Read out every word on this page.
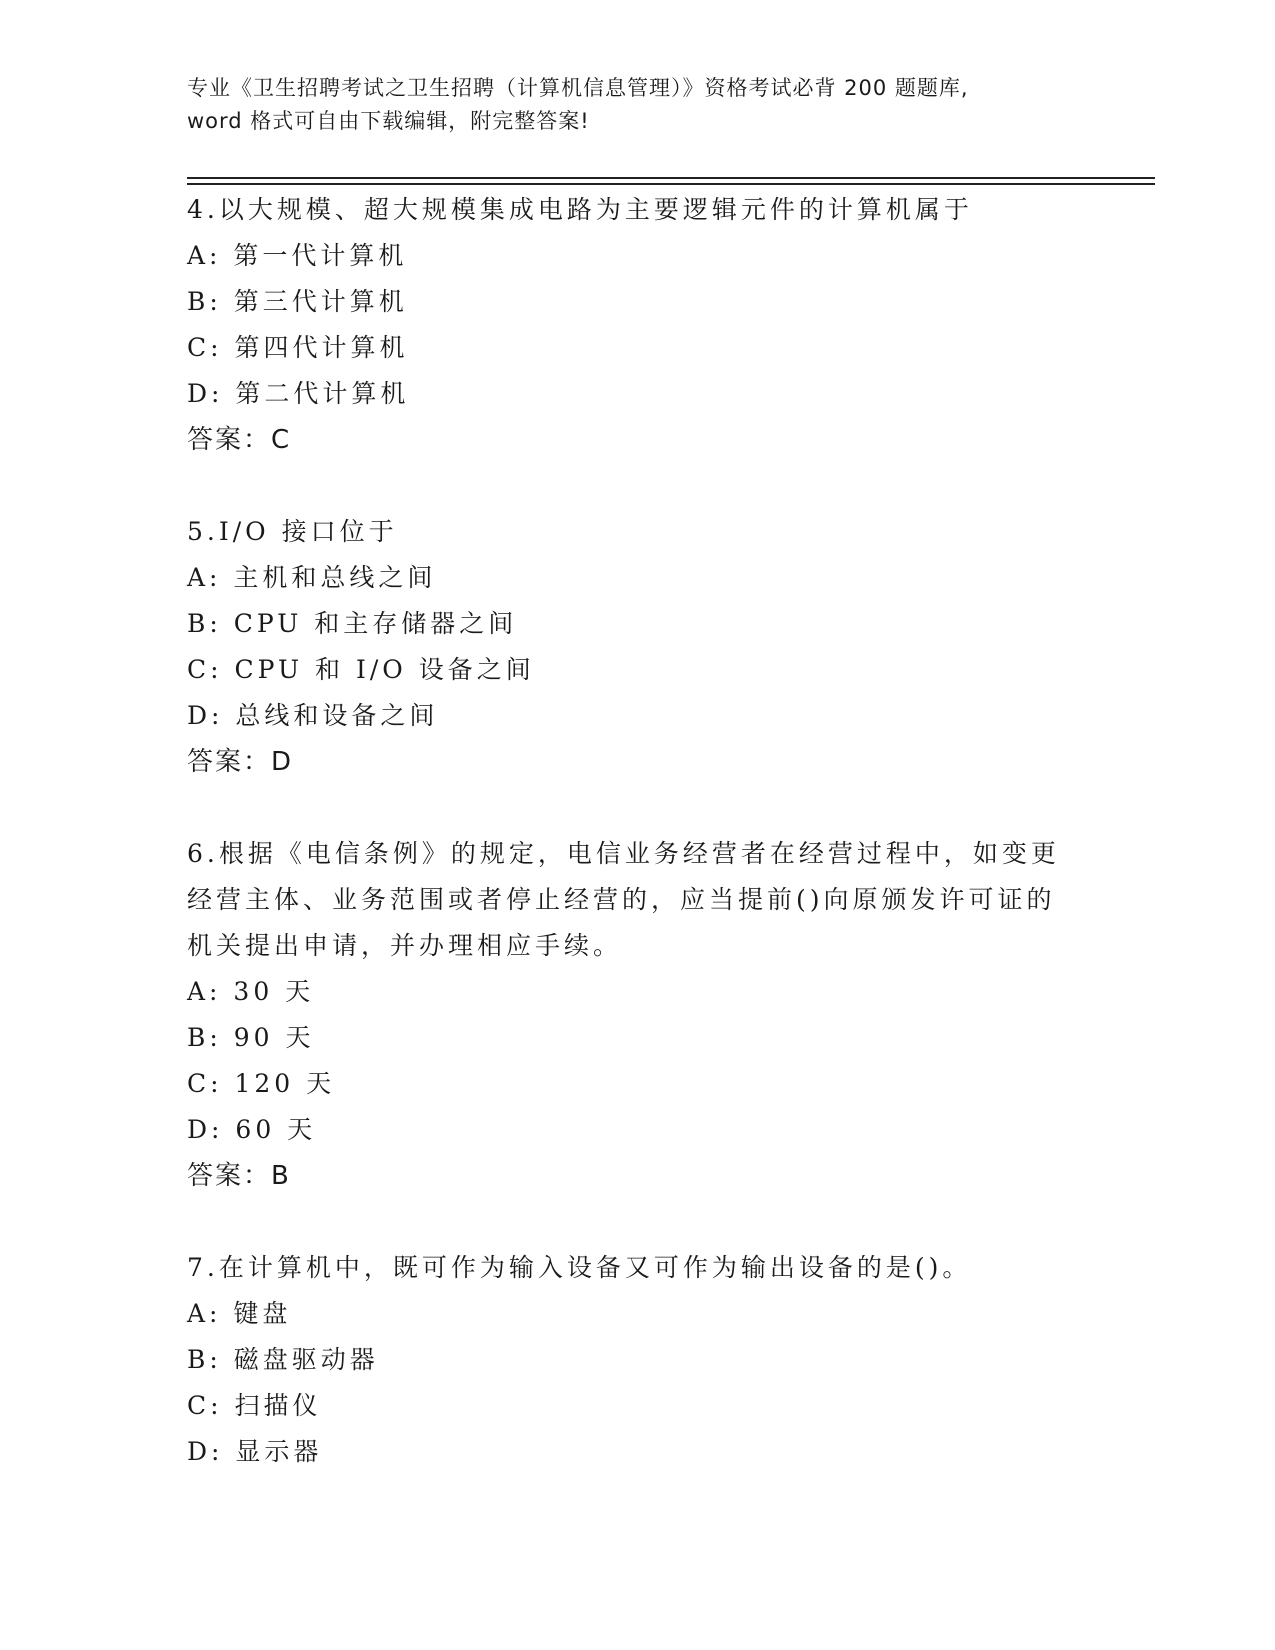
专业《卫生招聘考试之卫生招聘（计算机信息管理）》资格考试必背 200 题题库,
word 格式可自由下载编辑，附完整答案!
4.以大规模、超大规模集成电路为主要逻辑元件的计算机属于
A: 第一代计算机
B: 第三代计算机
C: 第四代计算机
D: 第二代计算机
答案：C
5.I/O 接口位于
A: 主机和总线之间
B: CPU 和主存储器之间
C: CPU 和 I/O 设备之间
D: 总线和设备之间
答案：D
6.根据《电信条例》的规定，电信业务经营者在经营过程中，如变更
经营主体、业务范围或者停止经营的，应当提前()向原颁发许可证的
机关提出申请，并办理相应手续。
A: 30 天
B: 90 天
C: 120 天
D: 60 天
答案：B
7.在计算机中，既可作为输入设备又可作为输出设备的是()。
A: 键盘
B: 磁盘驱动器
C: 扫描仪
D: 显示器
